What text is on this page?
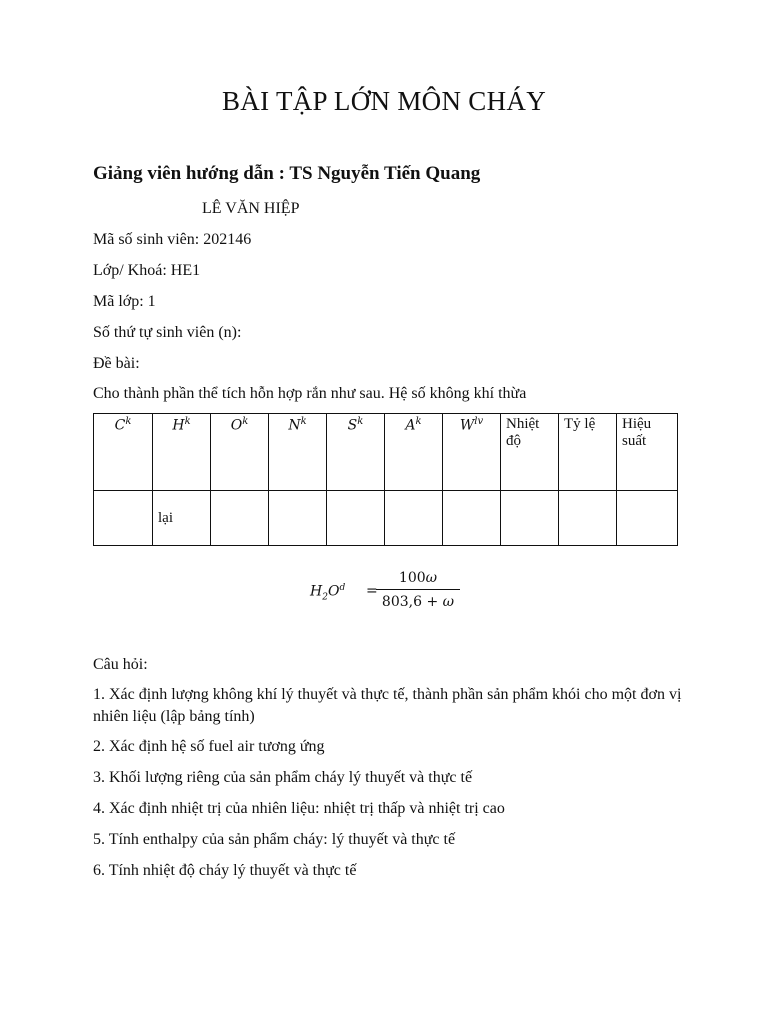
BÀI TẬP LỚN MÔN CHÁY
Giảng viên hướng dẫn : TS Nguyễn Tiến Quang
LÊ VĂN HIỆP
Mã số sinh viên: 202146
Lớp/ Khoá: HE1
Mã lớp: 1
Số thứ tự sinh viên (n):
Đề bài:
Cho thành phần thể tích hỗn hợp rắn như sau. Hệ số không khí thừa
$C^k$	$H^k$	$O^k$	$N^k$	$S^k$	$A^k$	$W^{lv}$	Nhiệt độ	Tỷ lệ	Hiệu suất
	lại								
$H_2O^d$ =
100ω
803,6 + ω
Câu hỏi:
1. Xác định lượng không khí lý thuyết và thực tế, thành phần sản phẩm khói cho một đơn vị nhiên liệu (lập bảng tính)
2. Xác định hệ số fuel air tương ứng
3. Khối lượng riêng của sản phẩm cháy lý thuyết và thực tế
4. Xác định nhiệt trị của nhiên liệu: nhiệt trị thấp và nhiệt trị cao
5. Tính enthalpy của sản phẩm cháy: lý thuyết và thực tế
6. Tính nhiệt độ cháy lý thuyết và thực tế
